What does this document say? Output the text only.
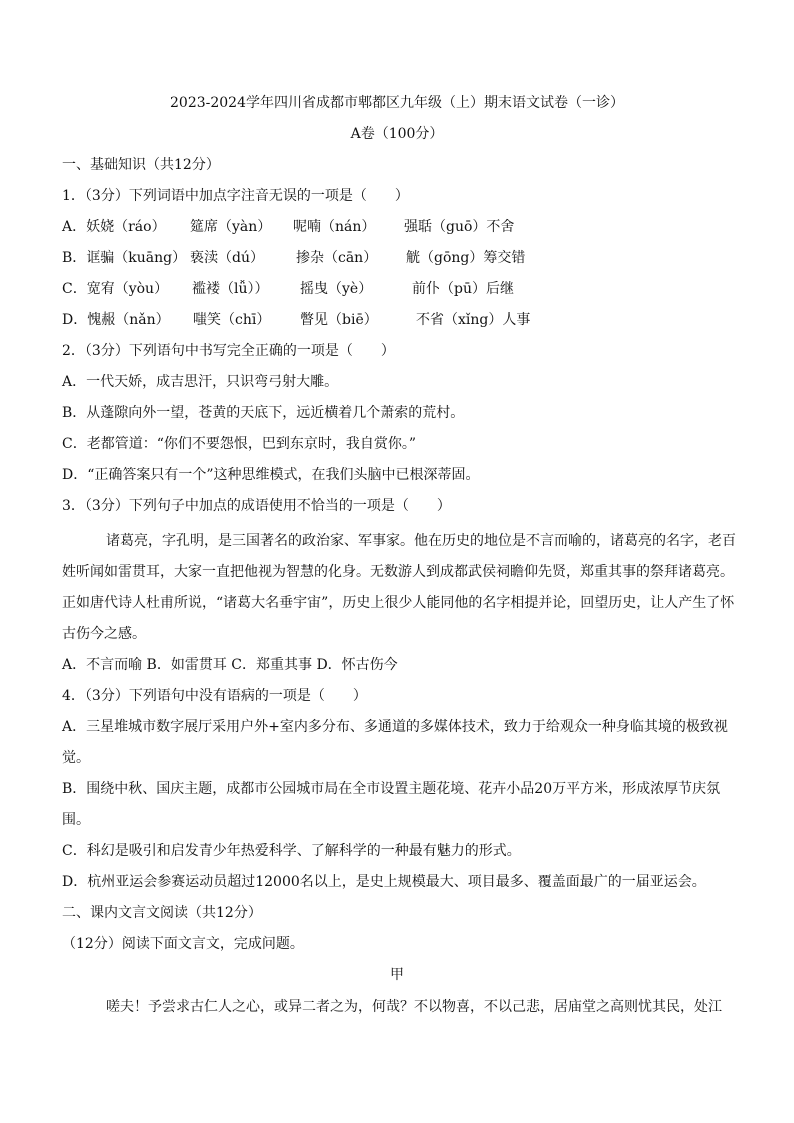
2023-2024学年四川省成都市郫都区九年级（上）期末语文试卷（一诊）
A卷（100分）
一、基础知识（共12分）
1．（3分）下列词语中加点字注音无误的一项是（　　）
A．妖娆（ráo） 筵席（yàn） 呢喃（nán） 强聒（guō）不舍
B．诓骗（kuāng） 亵渎（dú） 掺杂（cān） 觥（gōng）筹交错
C．宽宥（yòu） 褴褛（lǚ）） 摇曳（yè）	前仆（pū）后继
D．愧赧（nǎn） 嗤笑（chī） 瞥见（biē）	不省（xǐng）人事
2．（3分）下列语句中书写完全正确的一项是（　　）
A．一代天娇，成吉思汗，只识弯弓射大雕。
B．从蓬隙向外一望，苍黄的天底下，远近横着几个萧索的荒村。
C．老都管道：“你们不要怨恨，巴到东京时，我自赏你。”
D．“正确答案只有一个”这种思维模式，在我们头脑中已根深蒂固。
3．（3分）下列句子中加点的成语使用不恰当的一项是（　　）
诸葛亮，字孔明，是三国著名的政治家、军事家。他在历史的地位是不言而喻的，诸葛亮的名字，老百
姓听闻如雷贯耳，大家一直把他视为智慧的化身。无数游人到成都武侯祠瞻仰先贤，郑重其事的祭拜诸葛亮。
正如唐代诗人杜甫所说，“诸葛大名垂宇宙”，历史上很少人能同他的名字相提并论，回望历史，让人产生了怀
古伤今之感。
A．不言而喻 B．如雷贯耳 C．郑重其事 D．怀古伤今
4．（3分）下列语句中没有语病的一项是（　　）
A．三星堆城市数字展厅采用户外+室内多分布、多通道的多媒体技术，致力于给观众一种身临其境的极致视
觉。
B．围绕中秋、国庆主题，成都市公园城市局在全市设置主题花境、花卉小品20万平方米，形成浓厚节庆氛
围。
C．科幻是吸引和启发青少年热爱科学、了解科学的一种最有魅力的形式。
D．杭州亚运会参赛运动员超过12000名以上，是史上规模最大、项目最多、覆盖面最广的一届亚运会。
二、课内文言文阅读（共12分）
（12分）阅读下面文言文，完成问题。
甲
嗟夫！予尝求古仁人之心，或异二者之为，何哉？不以物喜，不以己悲，居庙堂之高则忧其民，处江
